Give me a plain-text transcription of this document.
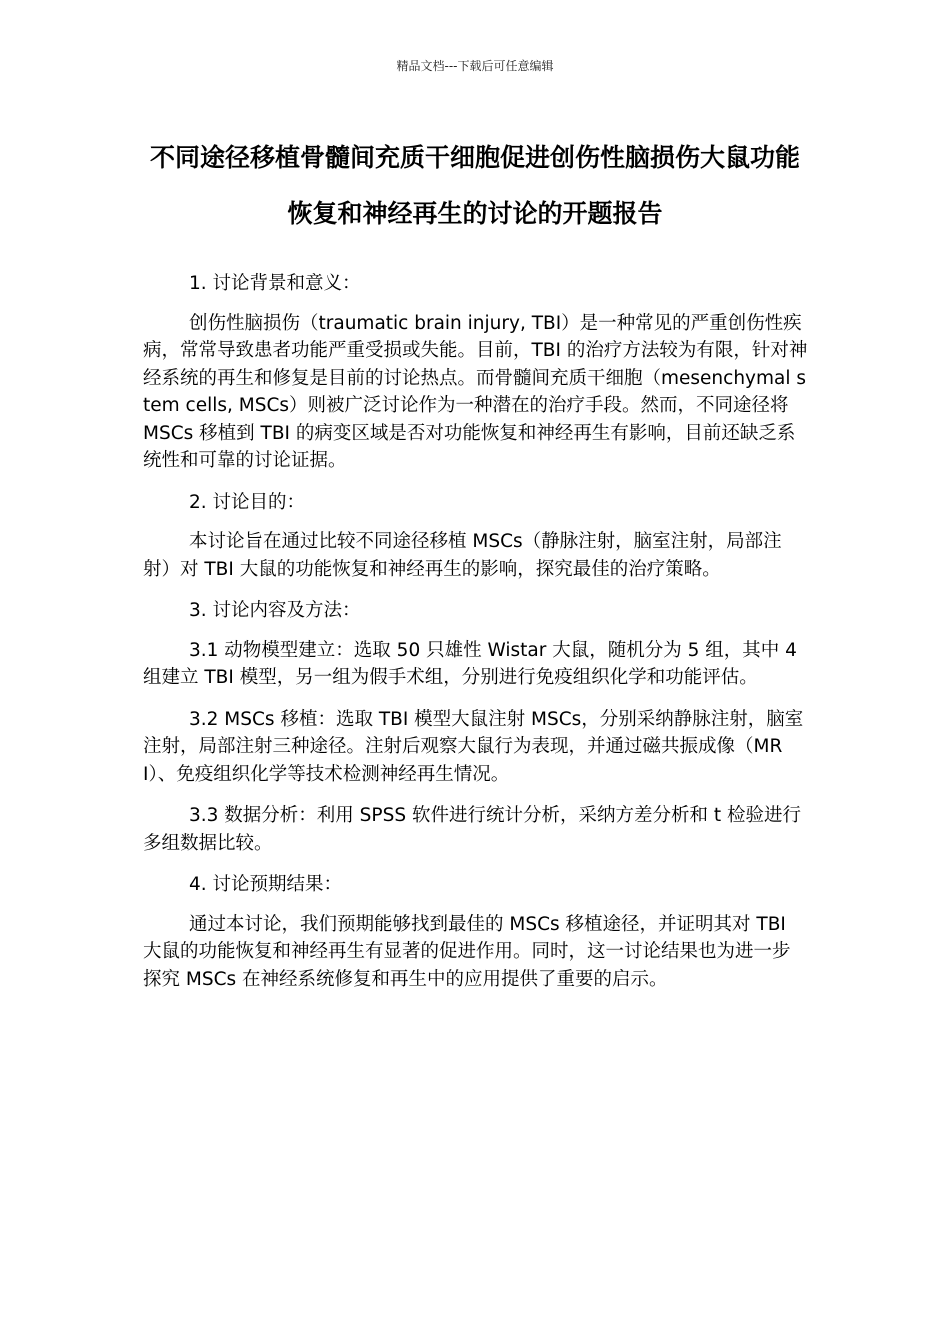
精品文档---下载后可任意编辑
不同途径移植骨髓间充质干细胞促进创伤性脑损伤大鼠功能恢复和神经再生的讨论的开题报告

1. 讨论背景和意义：

创伤性脑损伤（traumatic brain injury, TBI）是一种常见的严重创伤性疾病，常常导致患者功能严重受损或失能。目前，TBI 的治疗方法较为有限，针对神经系统的再生和修复是目前的讨论热点。而骨髓间充质干细胞（mesenchymal stem cells, MSCs）则被广泛讨论作为一种潜在的治疗手段。然而，不同途径将 MSCs 移植到 TBI 的病变区域是否对功能恢复和神经再生有影响，目前还缺乏系统性和可靠的讨论证据。

2. 讨论目的：

本讨论旨在通过比较不同途径移植 MSCs（静脉注射，脑室注射，局部注射）对 TBI 大鼠的功能恢复和神经再生的影响，探究最佳的治疗策略。

3. 讨论内容及方法：

3.1 动物模型建立：选取 50 只雄性 Wistar 大鼠，随机分为 5 组，其中 4 组建立 TBI 模型，另一组为假手术组，分别进行免疫组织化学和功能评估。

3.2 MSCs 移植：选取 TBI 模型大鼠注射 MSCs，分别采纳静脉注射，脑室注射，局部注射三种途径。注射后观察大鼠行为表现，并通过磁共振成像（MRI）、免疫组织化学等技术检测神经再生情况。

3.3 数据分析：利用 SPSS 软件进行统计分析，采纳方差分析和 t 检验进行多组数据比较。

4. 讨论预期结果：

通过本讨论，我们预期能够找到最佳的 MSCs 移植途径，并证明其对 TBI 大鼠的功能恢复和神经再生有显著的促进作用。同时，这一讨论结果也为进一步探究 MSCs 在神经系统修复和再生中的应用提供了重要的启示。
